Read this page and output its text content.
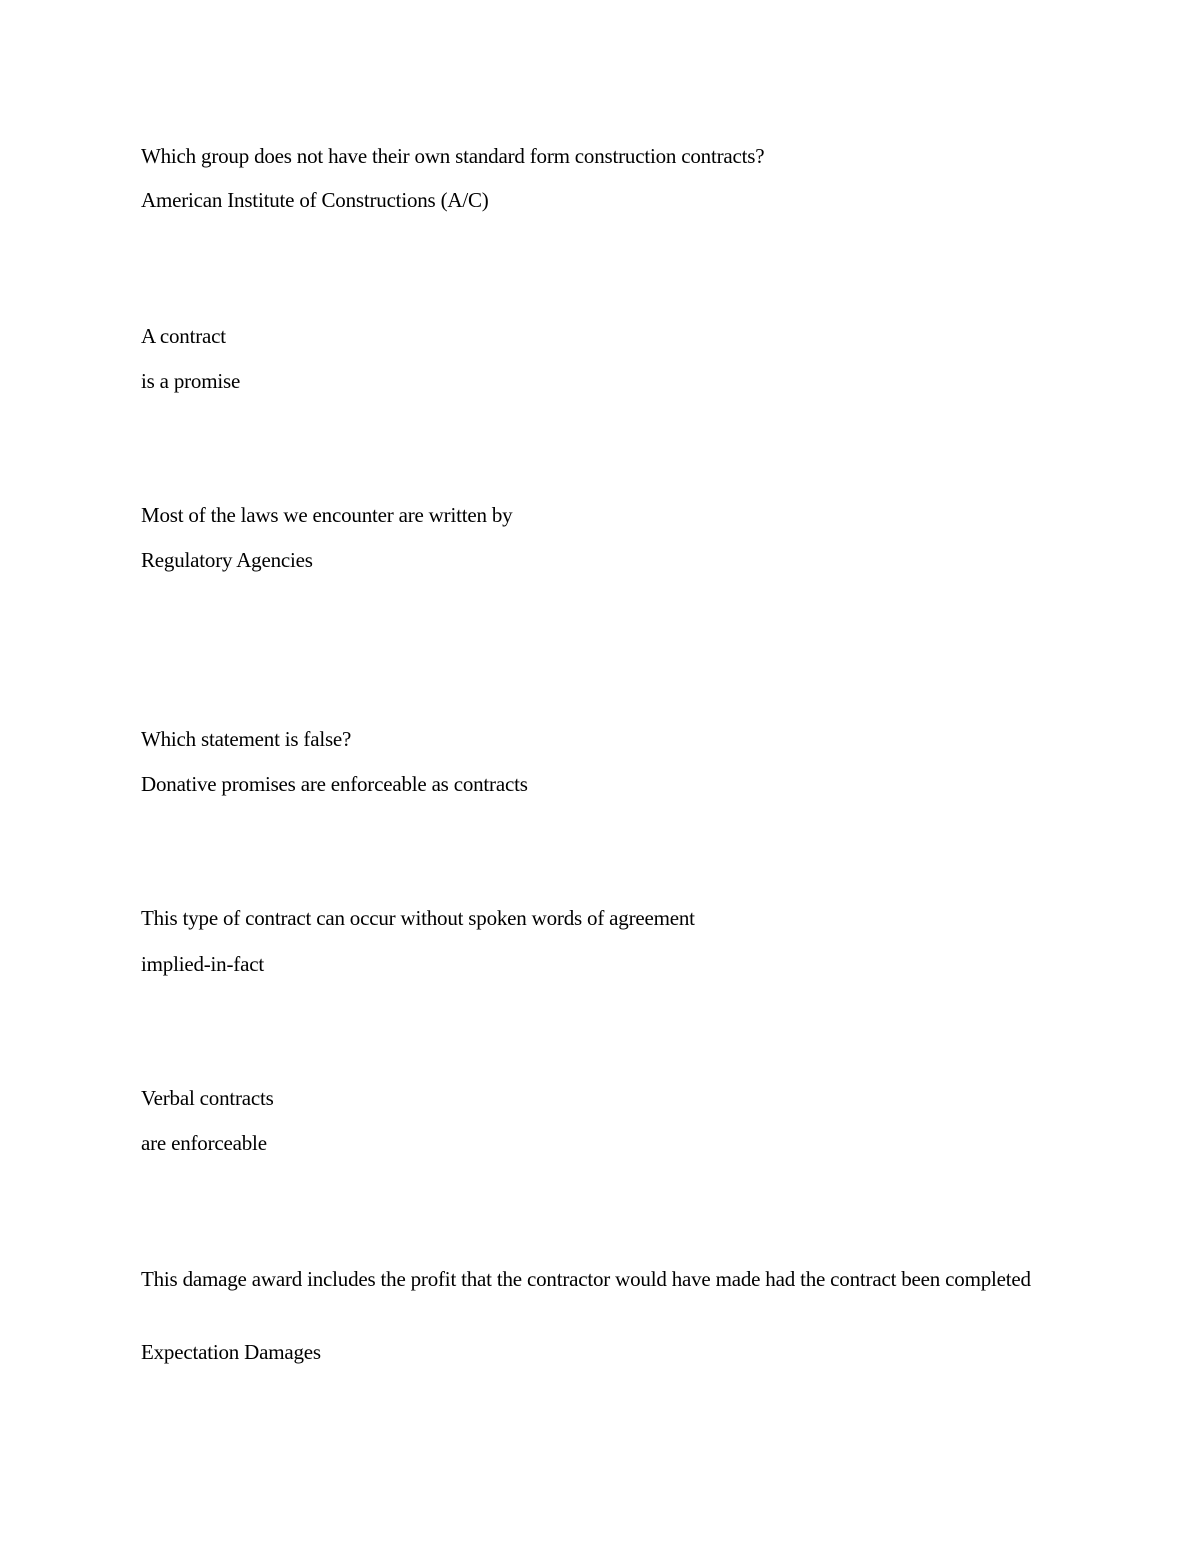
Which group does not have their own standard form construction contracts?
American Institute of Constructions (A/C)
A contract
is a promise
Most of the laws we encounter are written by
Regulatory Agencies
Which statement is false?
Donative promises are enforceable as contracts
This type of contract can occur without spoken words of agreement
implied-in-fact
Verbal contracts
are enforceable
This damage award includes the profit that the contractor would have made had the contract been completed
Expectation Damages
